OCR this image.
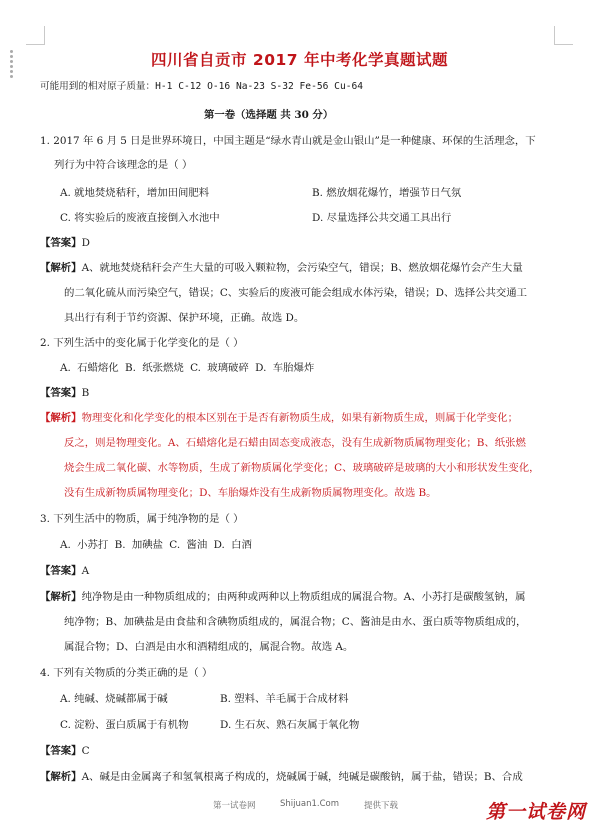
四川省自贡市 2017 年中考化学真题试题
可能用到的相对原子质量：H-1 C-12 O-16 Na-23 S-32 Fe-56 Cu-64
第一卷（选择题 共 30 分）
1. 2017 年 6 月 5 日是世界环境日，中国主题是“绿水青山就是金山银山”是一种健康、环保的生活理念，下
列行为中符合该理念的是（ ）
A. 就地焚烧秸秆，增加田间肥料	B. 燃放烟花爆竹，增强节日气氛
C. 将实验后的废液直接倒入水池中	D. 尽量选择公共交通工具出行
【答案】D
【解析】A、就地焚烧秸秆会产生大量的可吸入颗粒物，会污染空气，错误；B、燃放烟花爆竹会产生大量
的二氧化硫从而污染空气，错误；C、实验后的废液可能会组成水体污染，错误；D、选择公共交通工
具出行有利于节约资源、保护环境，正确。故选 D。
2. 下列生活中的变化属于化学变化的是（ ）
A. 石蜡熔化 B. 纸张燃烧 C. 玻璃破碎 D. 车胎爆炸
【答案】B
【解析】物理变化和化学变化的根本区别在于是否有新物质生成，如果有新物质生成，则属于化学变化；
反之，则是物理变化。A、石蜡熔化是石蜡由固态变成液态，没有生成新物质属物理变化；B、纸张燃
烧会生成二氧化碳、水等物质，生成了新物质属化学变化；C、玻璃破碎是玻璃的大小和形状发生变化，
没有生成新物质属物理变化；D、车胎爆炸没有生成新物质属物理变化。故选 B。
3. 下列生活中的物质，属于纯净物的是（ ）
A. 小苏打 B. 加碘盐 C. 酱油 D. 白酒
【答案】A
【解析】纯净物是由一种物质组成的；由两种或两种以上物质组成的属混合物。A、小苏打是碳酸氢钠，属
纯净物；B、加碘盐是由食盐和含碘物质组成的，属混合物；C、酱油是由水、蛋白质等物质组成的，
属混合物；D、白酒是由水和酒精组成的，属混合物。故选 A。
4. 下列有关物质的分类正确的是（ ）
A. 纯碱、烧碱都属于碱	B. 塑料、羊毛属于合成材料
C. 淀粉、蛋白质属于有机物	D. 生石灰、熟石灰属于氧化物
【答案】C
【解析】A、碱是由金属离子和氢氧根离子构成的，烧碱属于碱，纯碱是碳酸钠，属于盐，错误；B、合成
第一试卷网	Shijuan1.Com	提供下载	第一试卷网
